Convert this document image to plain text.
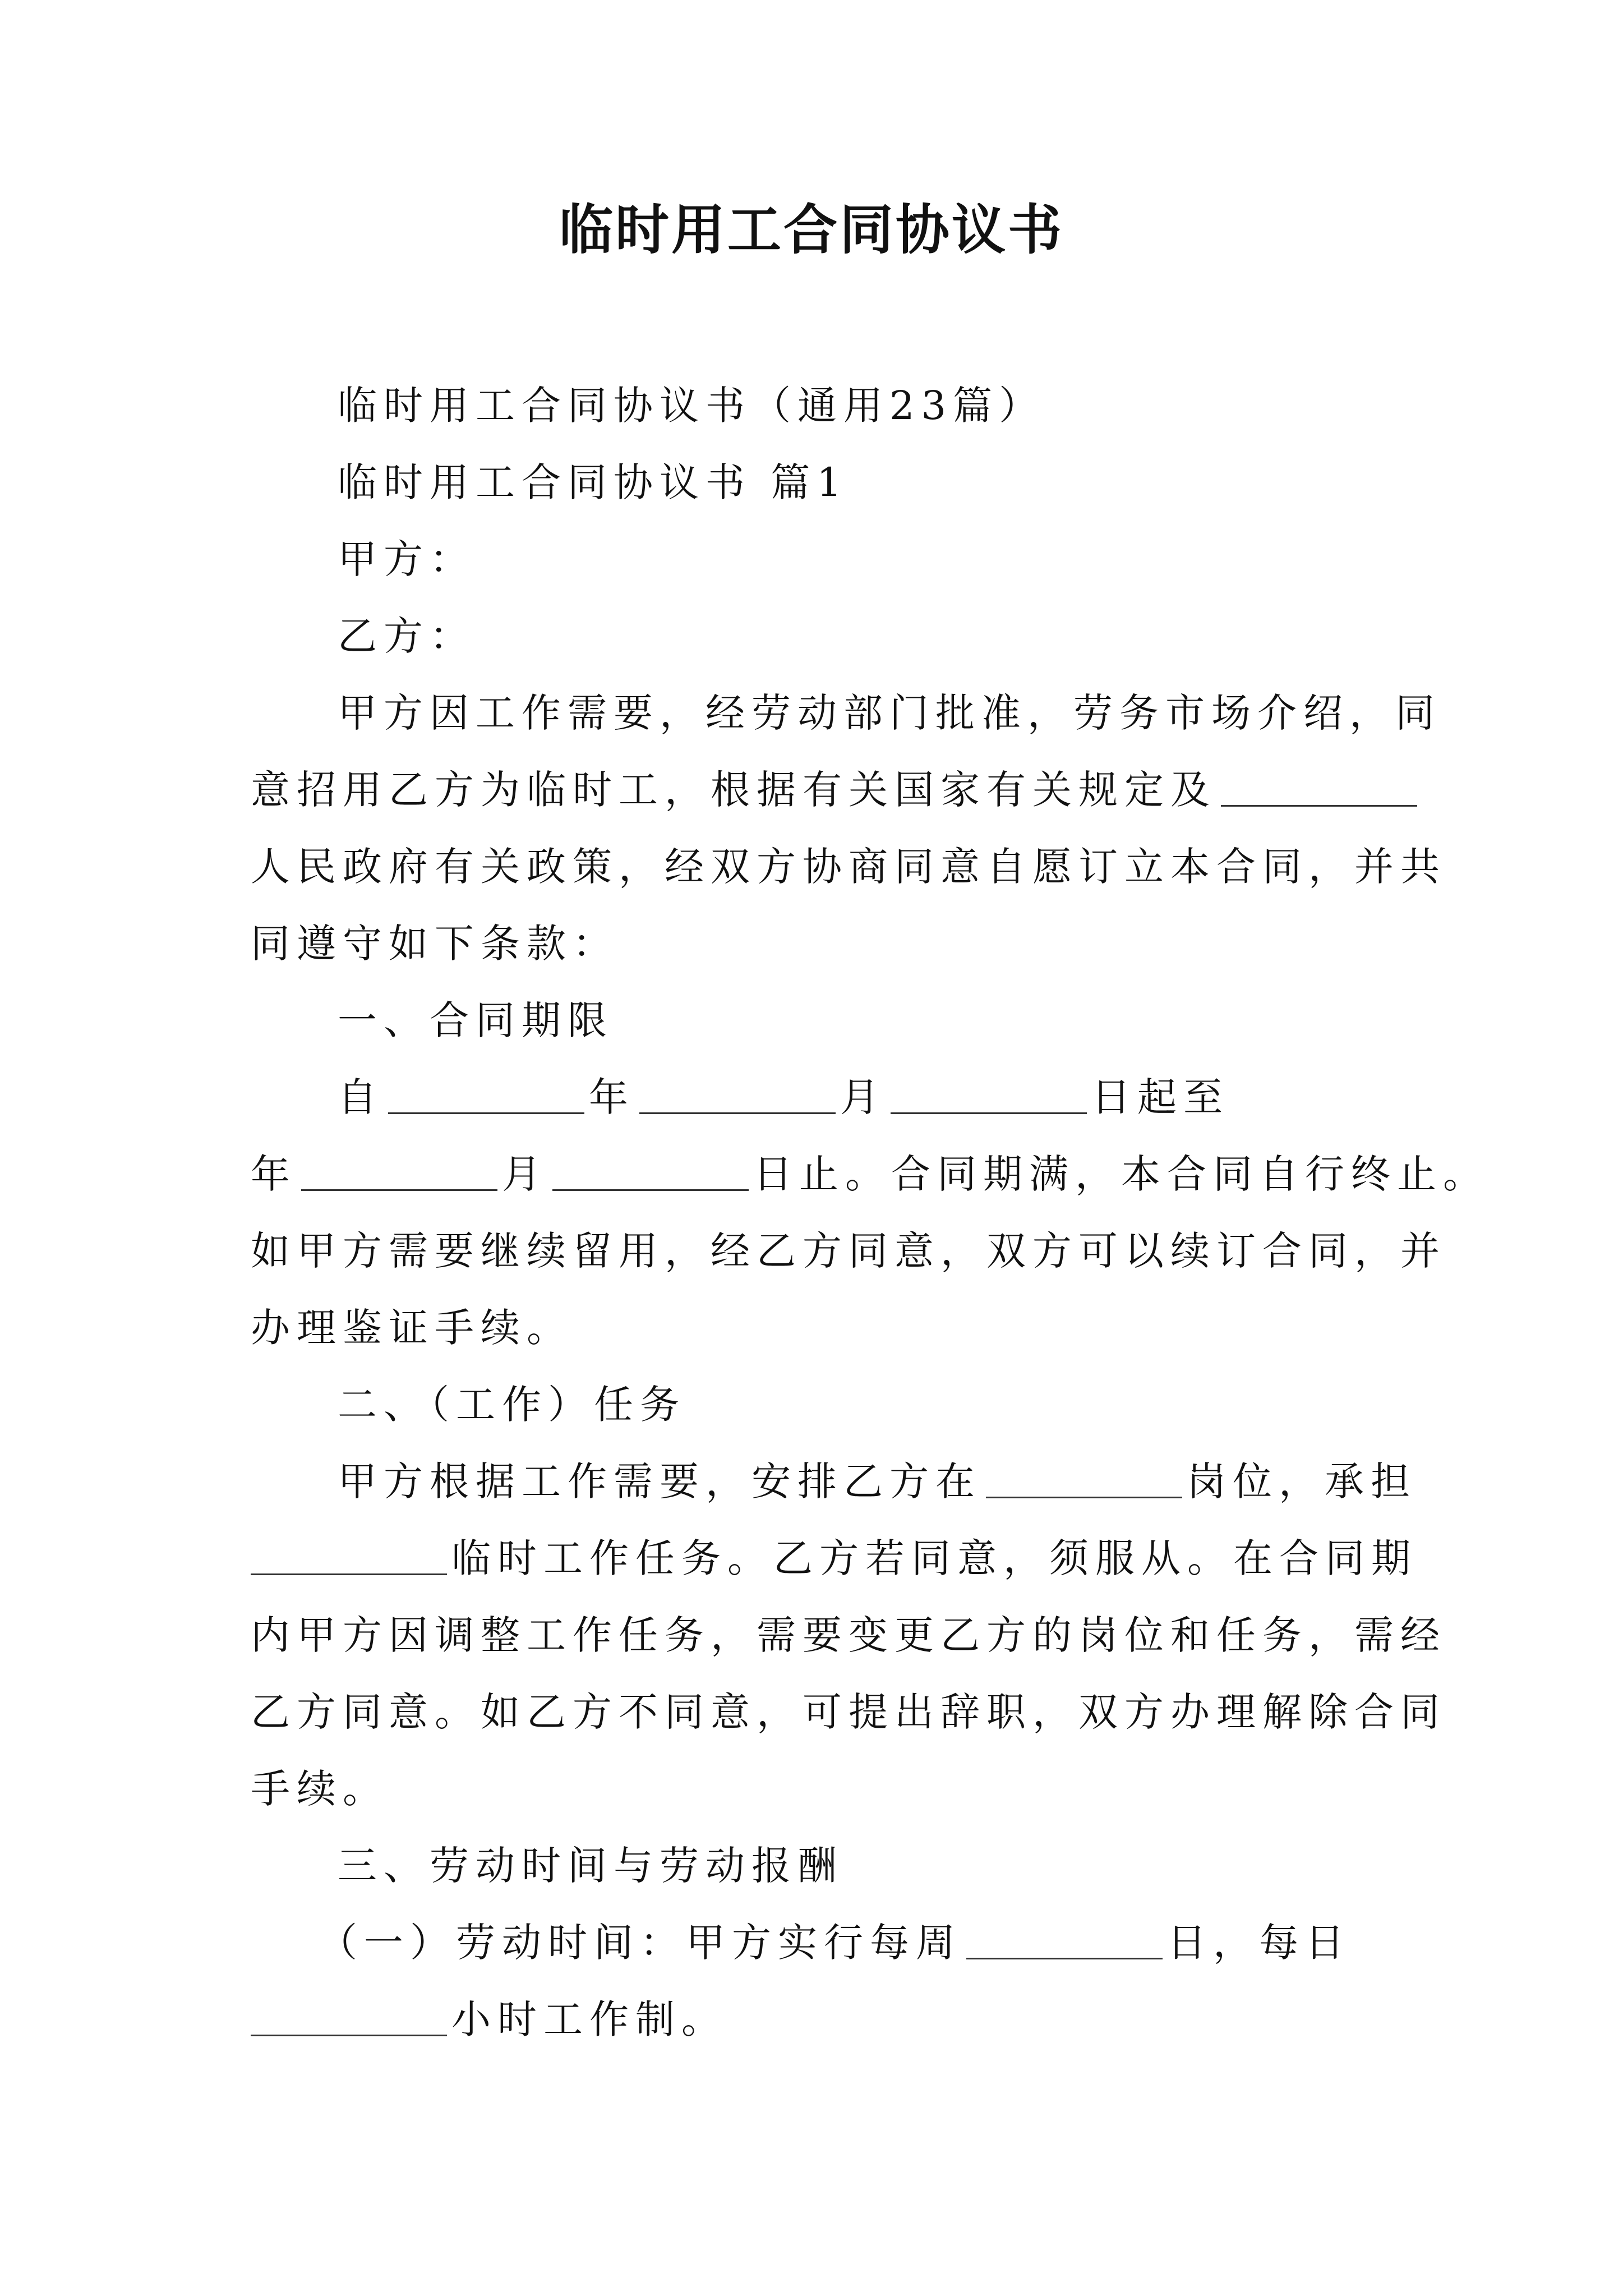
临时用工合同协议书
临时用工合同协议书（通用23篇）
临时用工合同协议书 篇1
甲方：
乙方：
甲方因工作需要，经劳动部门批准，劳务市场介绍，同
意招用乙方为临时工，根据有关国家有关规定及
人民政府有关政策，经双方协商同意自愿订立本合同，并共
同遵守如下条款：
一、合同期限
自	年	月	日起至
年	月	日止。合同期满，本合同自行终止。
如甲方需要继续留用，经乙方同意，双方可以续订合同，并
办理鉴证手续。
二、（工作）任务
甲方根据工作需要，安排乙方在	岗位，承担
临时工作任务。乙方若同意，须服从。在合同期
内甲方因调整工作任务，需要变更乙方的岗位和任务，需经
乙方同意。如乙方不同意，可提出辞职，双方办理解除合同
手续。
三、劳动时间与劳动报酬
（一）劳动时间：甲方实行每周	日，每日
小时工作制。
